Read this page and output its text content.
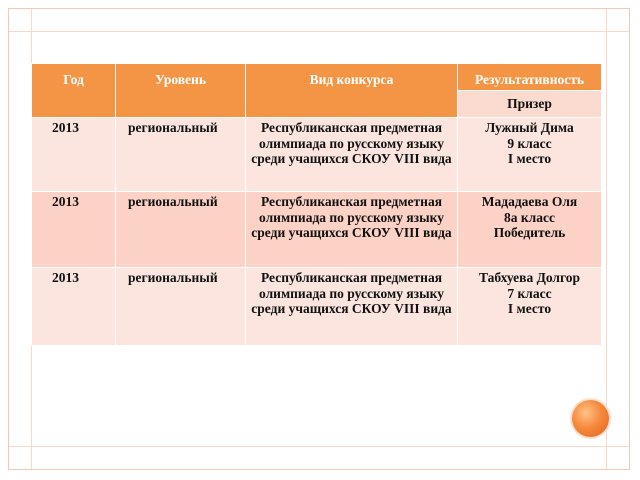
Год	Уровень	Вид конкурса	Результативность

			Призер
2013	региональный	Республиканская предметная олимпиада по русскому языку среди учащихся СКОУ VIII вида	Лужный Дима
9 класс
I место

2013	региональный	Республиканская предметная олимпиада по русскому языку среди учащихся СКОУ VIII вида	Мададаева Оля
8а класс
Победитель

2013	региональный	Республиканская предметная олимпиада по русскому языку среди учащихся СКОУ VIII вида	Табхуева Долгор
7 класс
I место
